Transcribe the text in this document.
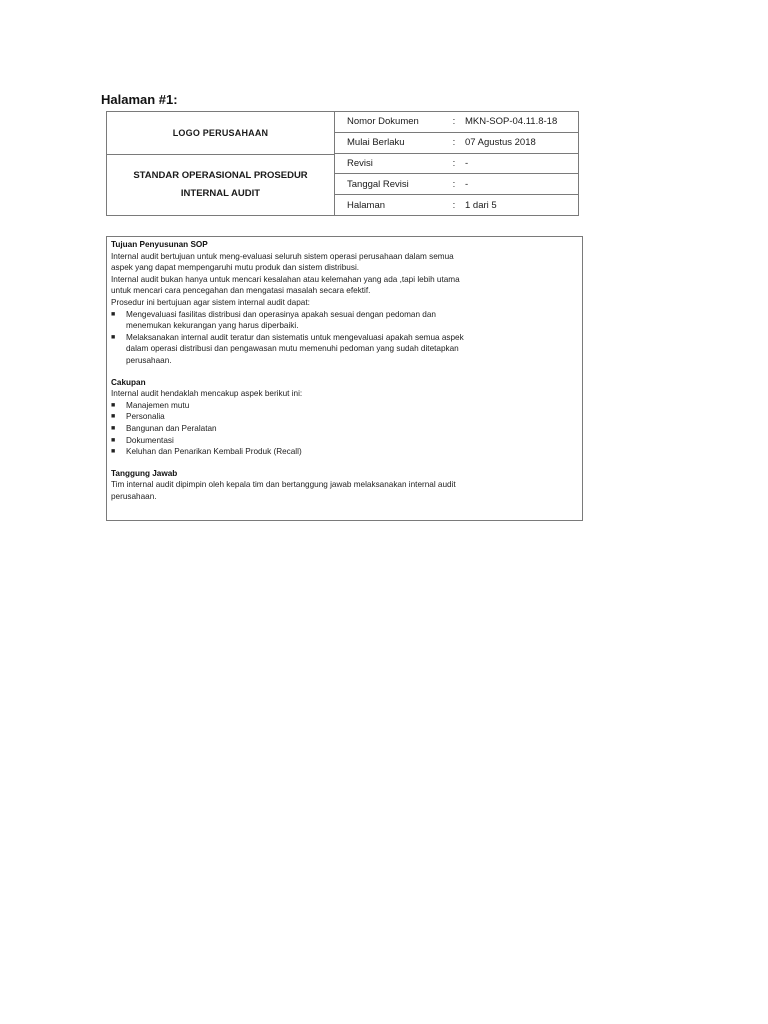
Halaman #1:
LOGO PERUSAHAAN
STANDAR OPERASIONAL PROSEDUR
INTERNAL AUDIT
Nomor Dokumen	:	MKN-SOP-04.11.8-18
Mulai Berlaku	:	07 Agustus 2018
Revisi	:	-
Tanggal Revisi	:	-
Halaman	:	1 dari 5
Tujuan Penyusunan SOP
Internal audit bertujuan untuk meng-evaluasi seluruh sistem operasi perusahaan dalam semua
aspek yang dapat mempengaruhi mutu produk dan sistem distribusi.
Internal audit bukan hanya untuk mencari kesalahan atau kelemahan yang ada ,tapi lebih utama
untuk mencari cara pencegahan dan mengatasi masalah secara efektif.
Prosedur ini bertujuan agar sistem internal audit dapat:
■	Mengevaluasi fasilitas distribusi dan operasinya apakah sesuai dengan pedoman dan
menemukan kekurangan yang harus diperbaiki.
■	Melaksanakan internal audit teratur dan sistematis untuk mengevaluasi apakah semua aspek
dalam operasi distribusi dan pengawasan mutu memenuhi pedoman yang sudah ditetapkan
perusahaan.
Cakupan
Internal audit hendaklah mencakup aspek berikut ini:
■	Manajemen mutu
■	Personalia
■	Bangunan dan Peralatan
■	Dokumentasi
■	Keluhan dan Penarikan Kembali Produk (Recall)
Tanggung Jawab
Tim internal audit dipimpin oleh kepala tim dan bertanggung jawab melaksanakan internal audit
perusahaan.
